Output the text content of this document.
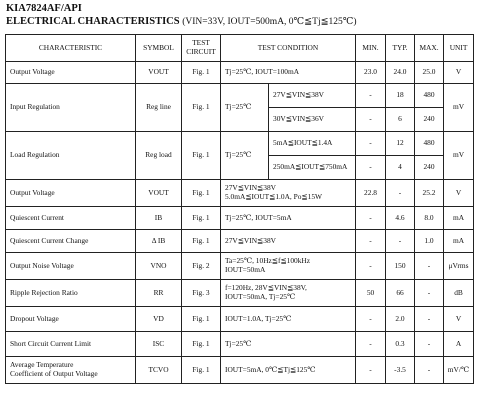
KIA7824AF/API
ELECTRICAL CHARACTERISTICS (VIN=33V, IOUT=500mA, 0℃≦Tj≦125℃)
CHARACTERISTIC	SYMBOL	TEST CIRCUIT	TEST CONDITION		MIN.	TYP.	MAX.	UNIT
Output Voltage	VOUT	Fig. 1	Tj=25℃, IOUT=100mA		23.0	24.0	25.0	V
Input Regulation	Reg line	Fig. 1	Tj=25℃	27V≦VIN≦38V	-	18	480	mV
				30V≦VIN≦36V	-	6	240	
Load Regulation	Reg load	Fig. 1	Tj=25℃	5mA≦IOUT≦1.4A	-	12	480	mV
				250mA≦IOUT≦750mA	-	4	240	
Output Voltage	VOUT	Fig. 1	27V≦VIN≦38V
5.0mA≦IOUT≦1.0A, Po≦15W		22.8	-	25.2	V
Quiescent Current	IB	Fig. 1	Tj=25℃, IOUT=5mA		-	4.6	8.0	mA
Quiescent Current Change	Δ IB	Fig. 1	27V≦VIN≦38V		-	-	1.0	mA
Output Noise Voltage	VNO	Fig. 2	Ta=25℃, 10Hz≦f≦100kHz
IOUT=50mA		-	150	-	μVrms
Ripple Rejection Ratio	RR	Fig. 3	f=120Hz, 28V≦VIN≦38V,
IOUT=50mA, Tj=25℃		50	66	-	dB
Dropout Voltage	VD	Fig. 1	IOUT=1.0A, Tj=25℃		-	2.0	-	V
Short Circuit Current Limit	ISC	Fig. 1	Tj=25℃		-	0.3	-	A

Average Temperature
Coefficient of Output Voltage	TCVO	Fig. 1	IOUT=5mA, 0℃≦Tj≦125℃		-	-3.5	-	mV/℃
